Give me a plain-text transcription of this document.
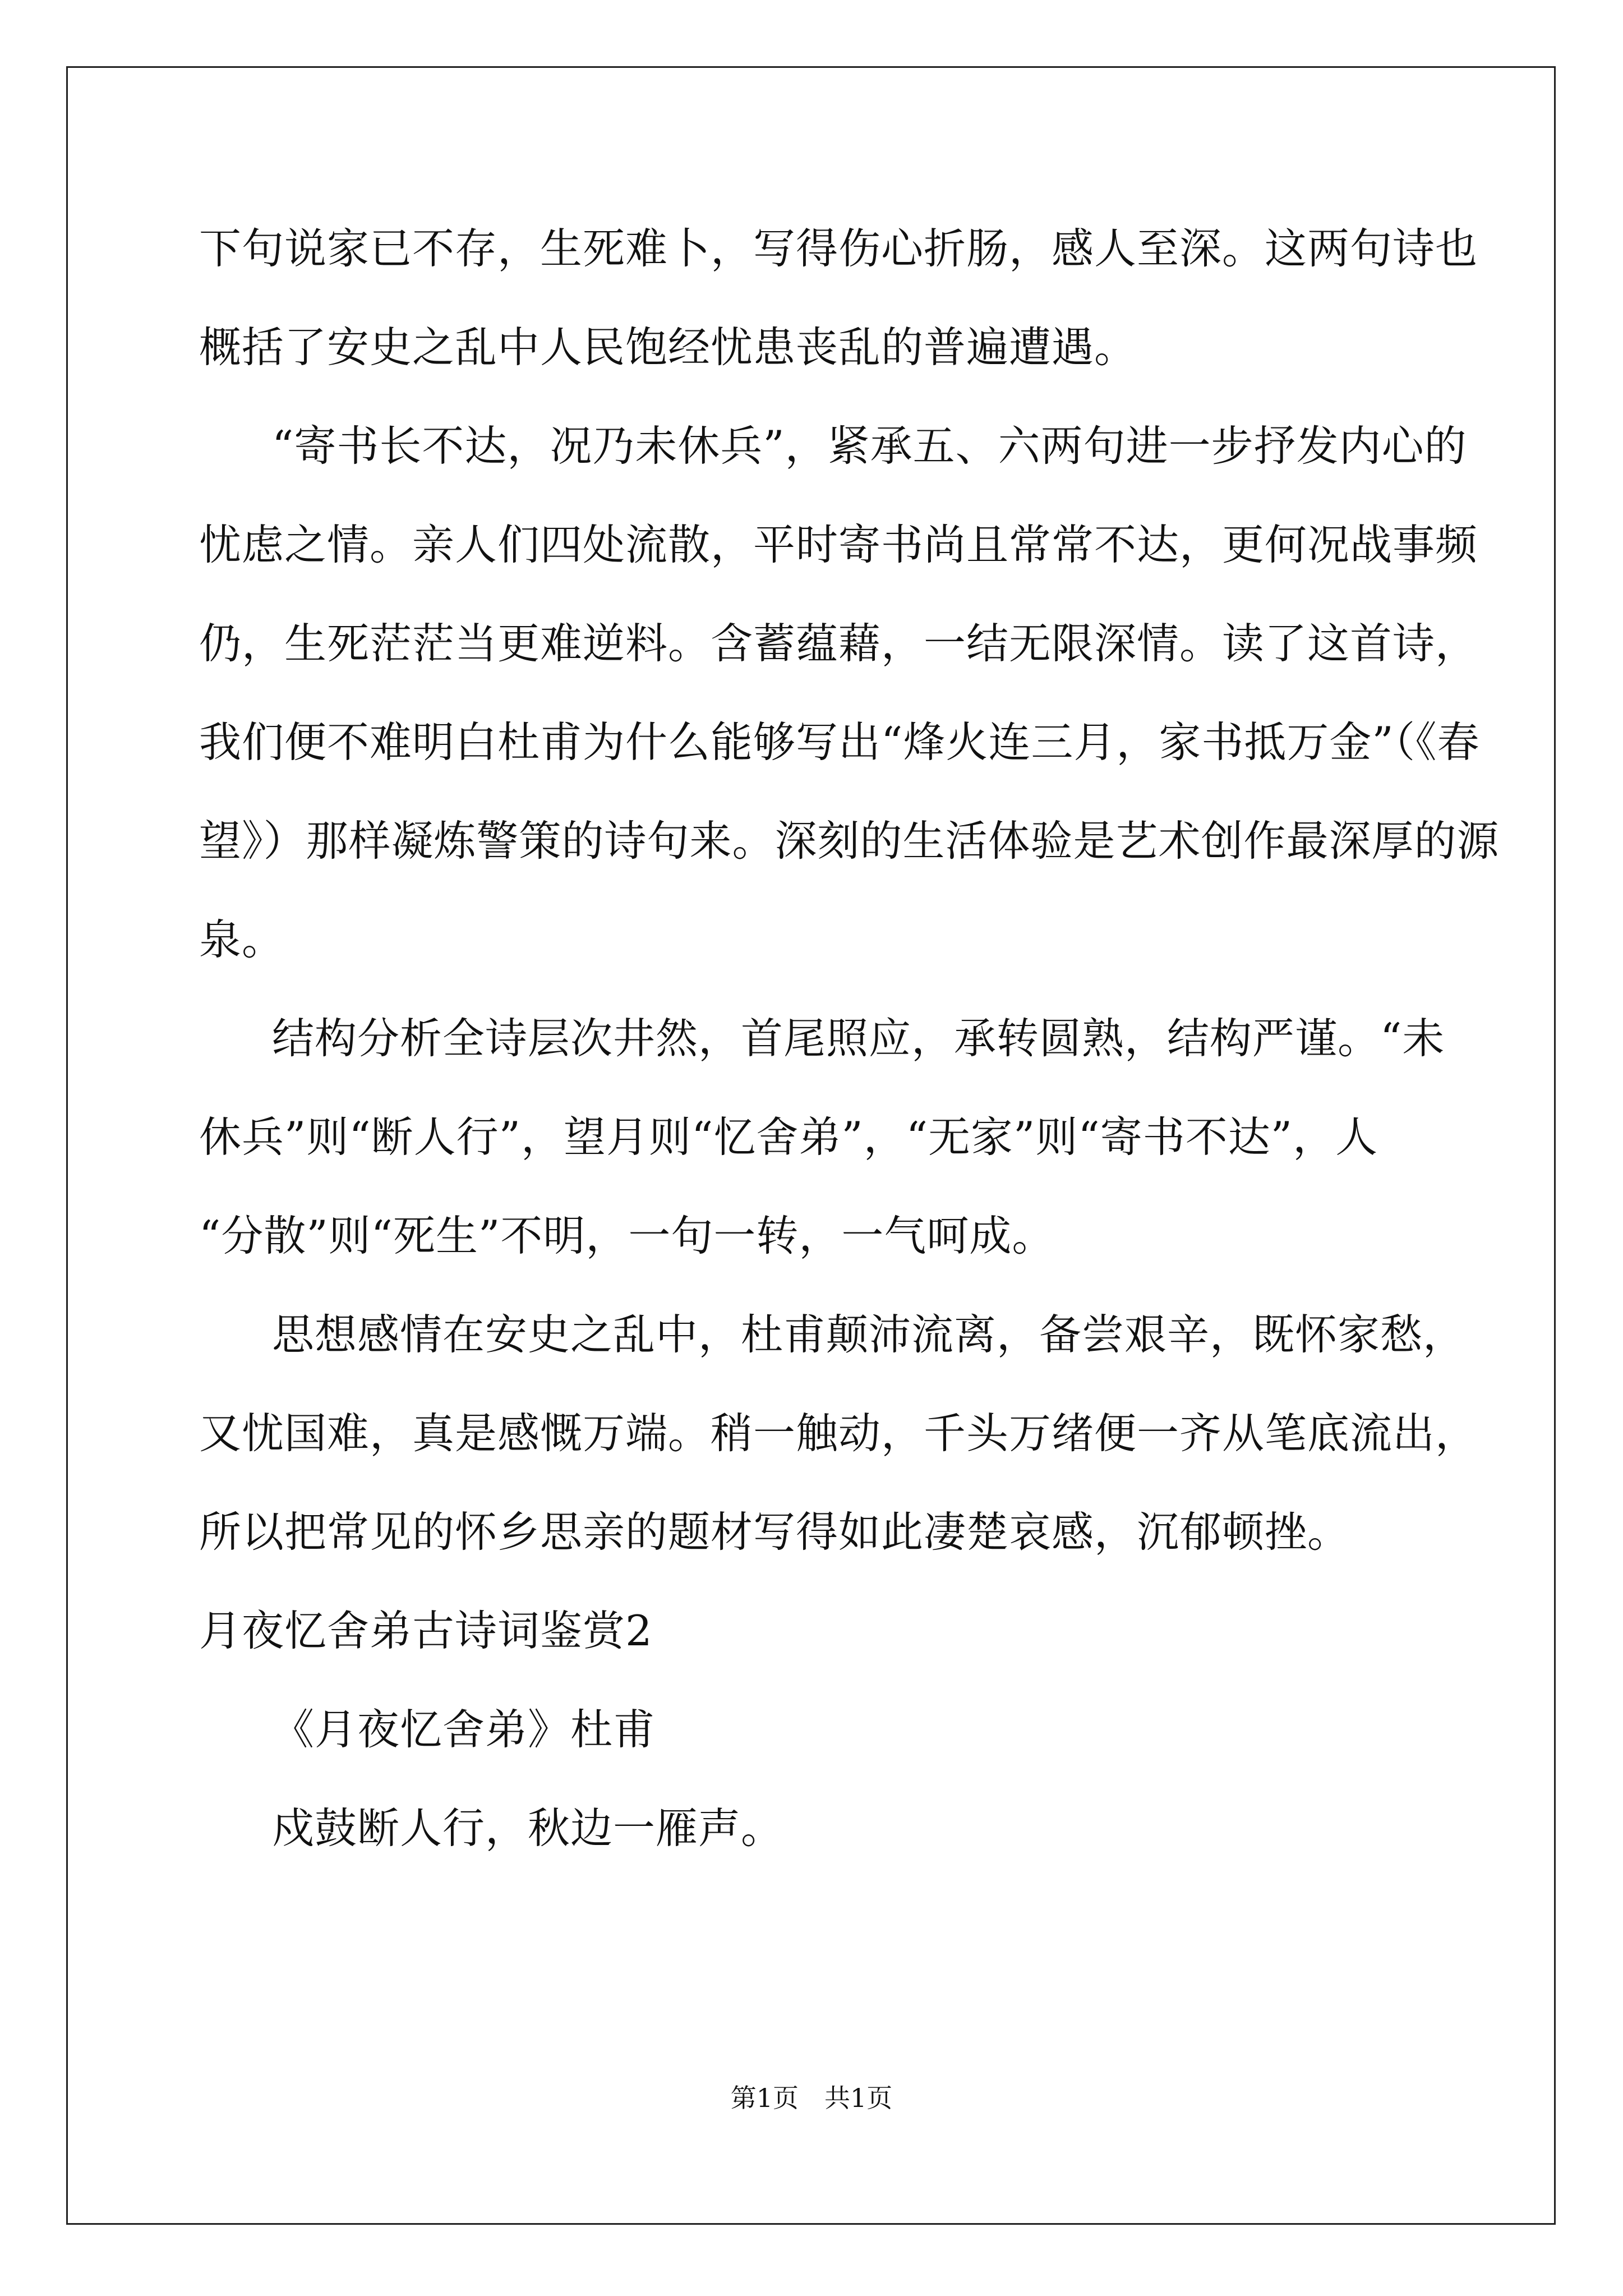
下句说家已不存，生死难卜，写得伤心折肠，感人至深。这两句诗也
概括了安史之乱中人民饱经忧患丧乱的普遍遭遇。
“寄书长不达，况乃未休兵”，紧承五、六两句进一步抒发内心的
忧虑之情。亲人们四处流散，平时寄书尚且常常不达，更何况战事频
仍，生死茫茫当更难逆料。含蓄蕴藉，一结无限深情。读了这首诗，
我们便不难明白杜甫为什么能够写出“烽火连三月，家书抵万金”（《春
望》）那样凝炼警策的诗句来。深刻的生活体验是艺术创作最深厚的源
泉。
结构分析全诗层次井然，首尾照应，承转圆熟，结构严谨。“未
休兵”则“断人行”，望月则“忆舍弟”，“无家”则“寄书不达”，人
“分散”则“死生”不明，一句一转，一气呵成。
思想感情在安史之乱中，杜甫颠沛流离，备尝艰辛，既怀家愁，
又忧国难，真是感慨万端。稍一触动，千头万绪便一齐从笔底流出，
所以把常见的怀乡思亲的题材写得如此凄楚哀感，沉郁顿挫。
月夜忆舍弟古诗词鉴赏2
《月夜忆舍弟》杜甫
戍鼓断人行，秋边一雁声。
第1页　共1页
